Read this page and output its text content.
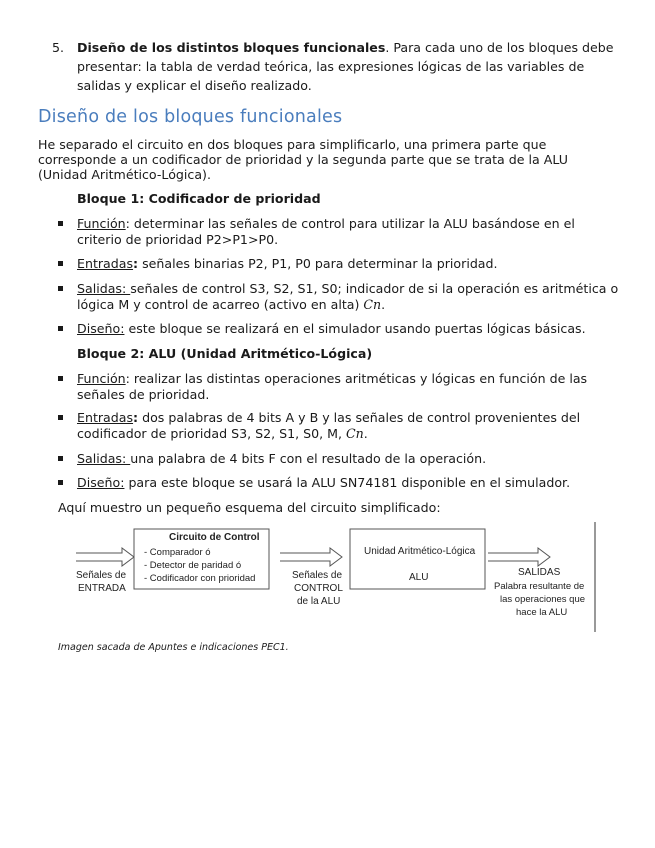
5. Diseño de los distintos bloques funcionales. Para cada uno de los bloques debe presentar: la tabla de verdad teórica, las expresiones lógicas de las variables de salidas y explicar el diseño realizado.
Diseño de los bloques funcionales
He separado el circuito en dos bloques para simplificarlo, una primera parte que corresponde a un codificador de prioridad y la segunda parte que se trata de la ALU (Unidad Aritmético-Lógica).
Bloque 1: Codificador de prioridad
Función: determinar las señales de control para utilizar la ALU basándose en el criterio de prioridad P2>P1>P0.
Entradas: señales binarias P2, P1, P0 para determinar la prioridad.
Salidas: señales de control S3, S2, S1, S0; indicador de si la operación es aritmética o lógica M y control de acarreo (activo en alta) Cn.
Diseño: este bloque se realizará en el simulador usando puertas lógicas básicas.
Bloque 2: ALU (Unidad Aritmético-Lógica)
Función: realizar las distintas operaciones aritméticas y lógicas en función de las señales de prioridad.
Entradas: dos palabras de 4 bits A y B y las señales de control provenientes del codificador de prioridad S3, S2, S1, S0, M, Cn.
Salidas: una palabra de 4 bits F con el resultado de la operación.
Diseño: para este bloque se usará la ALU SN74181 disponible en el simulador.
Aquí muestro un pequeño esquema del circuito simplificado:
Señales de
ENTRADA
Circuito de Control
- Comparador ó
- Detector de paridad ó
- Codificador con prioridad	Señales de
CONTROL
de la ALU
Unidad Aritmético-Lógica
ALU	SALIDAS
Palabra resultante de
las operaciones que
hace la ALU
Imagen sacada de Apuntes e indicaciones PEC1.
